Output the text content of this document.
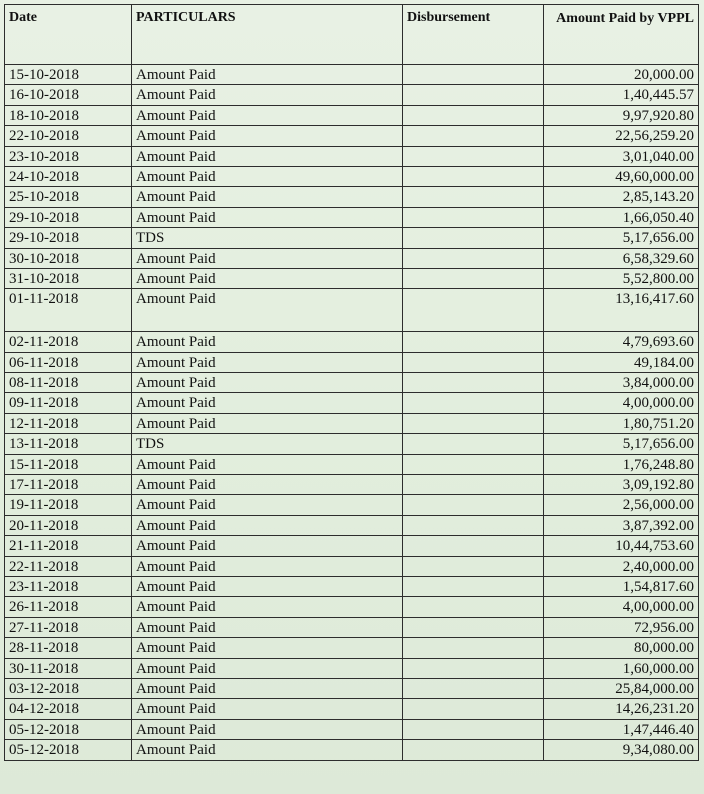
Date	PARTICULARS	Disbursement	Amount Paid by VPPL
15-10-2018	Amount Paid		20,000.00
16-10-2018	Amount Paid		1,40,445.57
18-10-2018	Amount Paid		9,97,920.80
22-10-2018	Amount Paid		22,56,259.20
23-10-2018	Amount Paid		3,01,040.00
24-10-2018	Amount Paid		49,60,000.00
25-10-2018	Amount Paid		2,85,143.20
29-10-2018	Amount Paid		1,66,050.40
29-10-2018	TDS		5,17,656.00
30-10-2018	Amount Paid		6,58,329.60
31-10-2018	Amount Paid		5,52,800.00
01-11-2018	Amount Paid		13,16,417.60
02-11-2018	Amount Paid		4,79,693.60
06-11-2018	Amount Paid		49,184.00
08-11-2018	Amount Paid		3,84,000.00
09-11-2018	Amount Paid		4,00,000.00
12-11-2018	Amount Paid		1,80,751.20
13-11-2018	TDS		5,17,656.00
15-11-2018	Amount Paid		1,76,248.80
17-11-2018	Amount Paid		3,09,192.80
19-11-2018	Amount Paid		2,56,000.00
20-11-2018	Amount Paid		3,87,392.00
21-11-2018	Amount Paid		10,44,753.60
22-11-2018	Amount Paid		2,40,000.00
23-11-2018	Amount Paid		1,54,817.60
26-11-2018	Amount Paid		4,00,000.00
27-11-2018	Amount Paid		72,956.00
28-11-2018	Amount Paid		80,000.00
30-11-2018	Amount Paid		1,60,000.00
03-12-2018	Amount Paid		25,84,000.00
04-12-2018	Amount Paid		14,26,231.20
05-12-2018	Amount Paid		1,47,446.40
05-12-2018	Amount Paid		9,34,080.00
